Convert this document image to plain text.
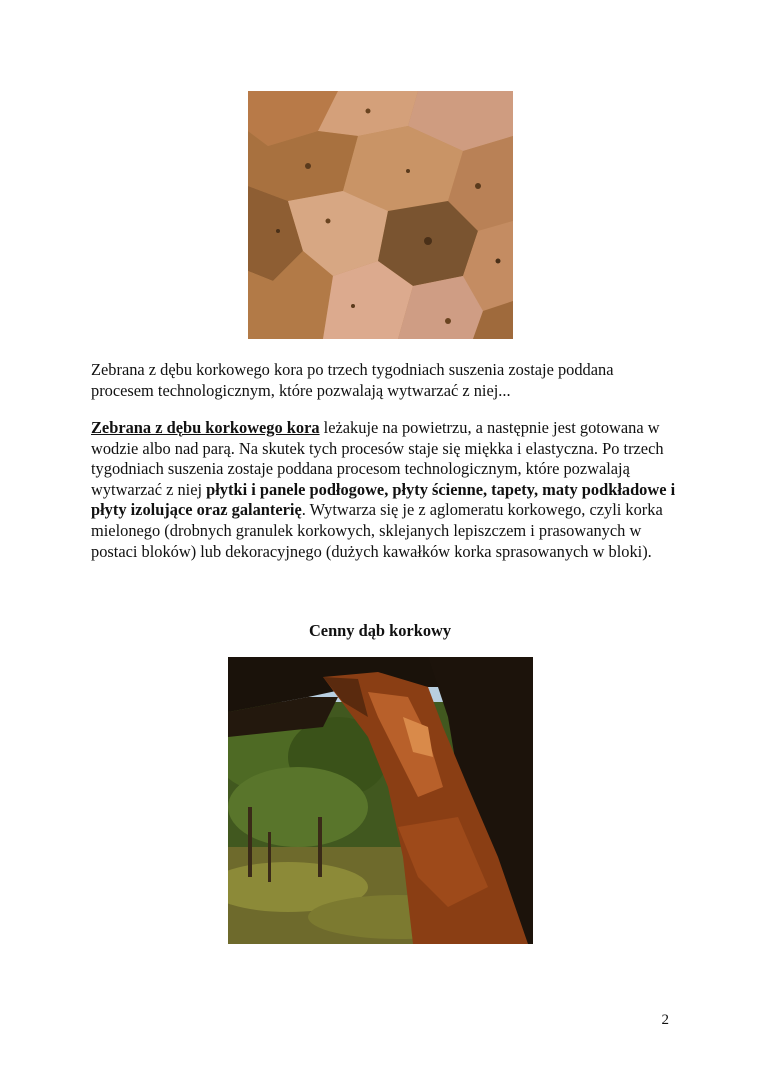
Zebrana z dębu korkowego kora po trzech tygodniach suszenia zostaje poddana procesem technologicznym, które pozwalają wytwarzać z niej...

Zebrana z dębu korkowego kora leżakuje na powietrzu, a następnie jest gotowana w wodzie albo nad parą. Na skutek tych procesów staje się miękka i elastyczna. Po trzech tygodniach suszenia zostaje poddana procesom technologicznym, które pozwalają wytwarzać z niej płytki i panele podłogowe, płyty ścienne, tapety, maty podkładowe i płyty izolujące oraz galanterię. Wytwarza się je z aglomeratu korkowego, czyli korka mielonego (drobnych granulek korkowych, sklejanych lepiszczem i prasowanych w postaci bloków) lub dekoracyjnego (dużych kawałków korka sprasowanych w bloki).

Cenny dąb korkowy

2
